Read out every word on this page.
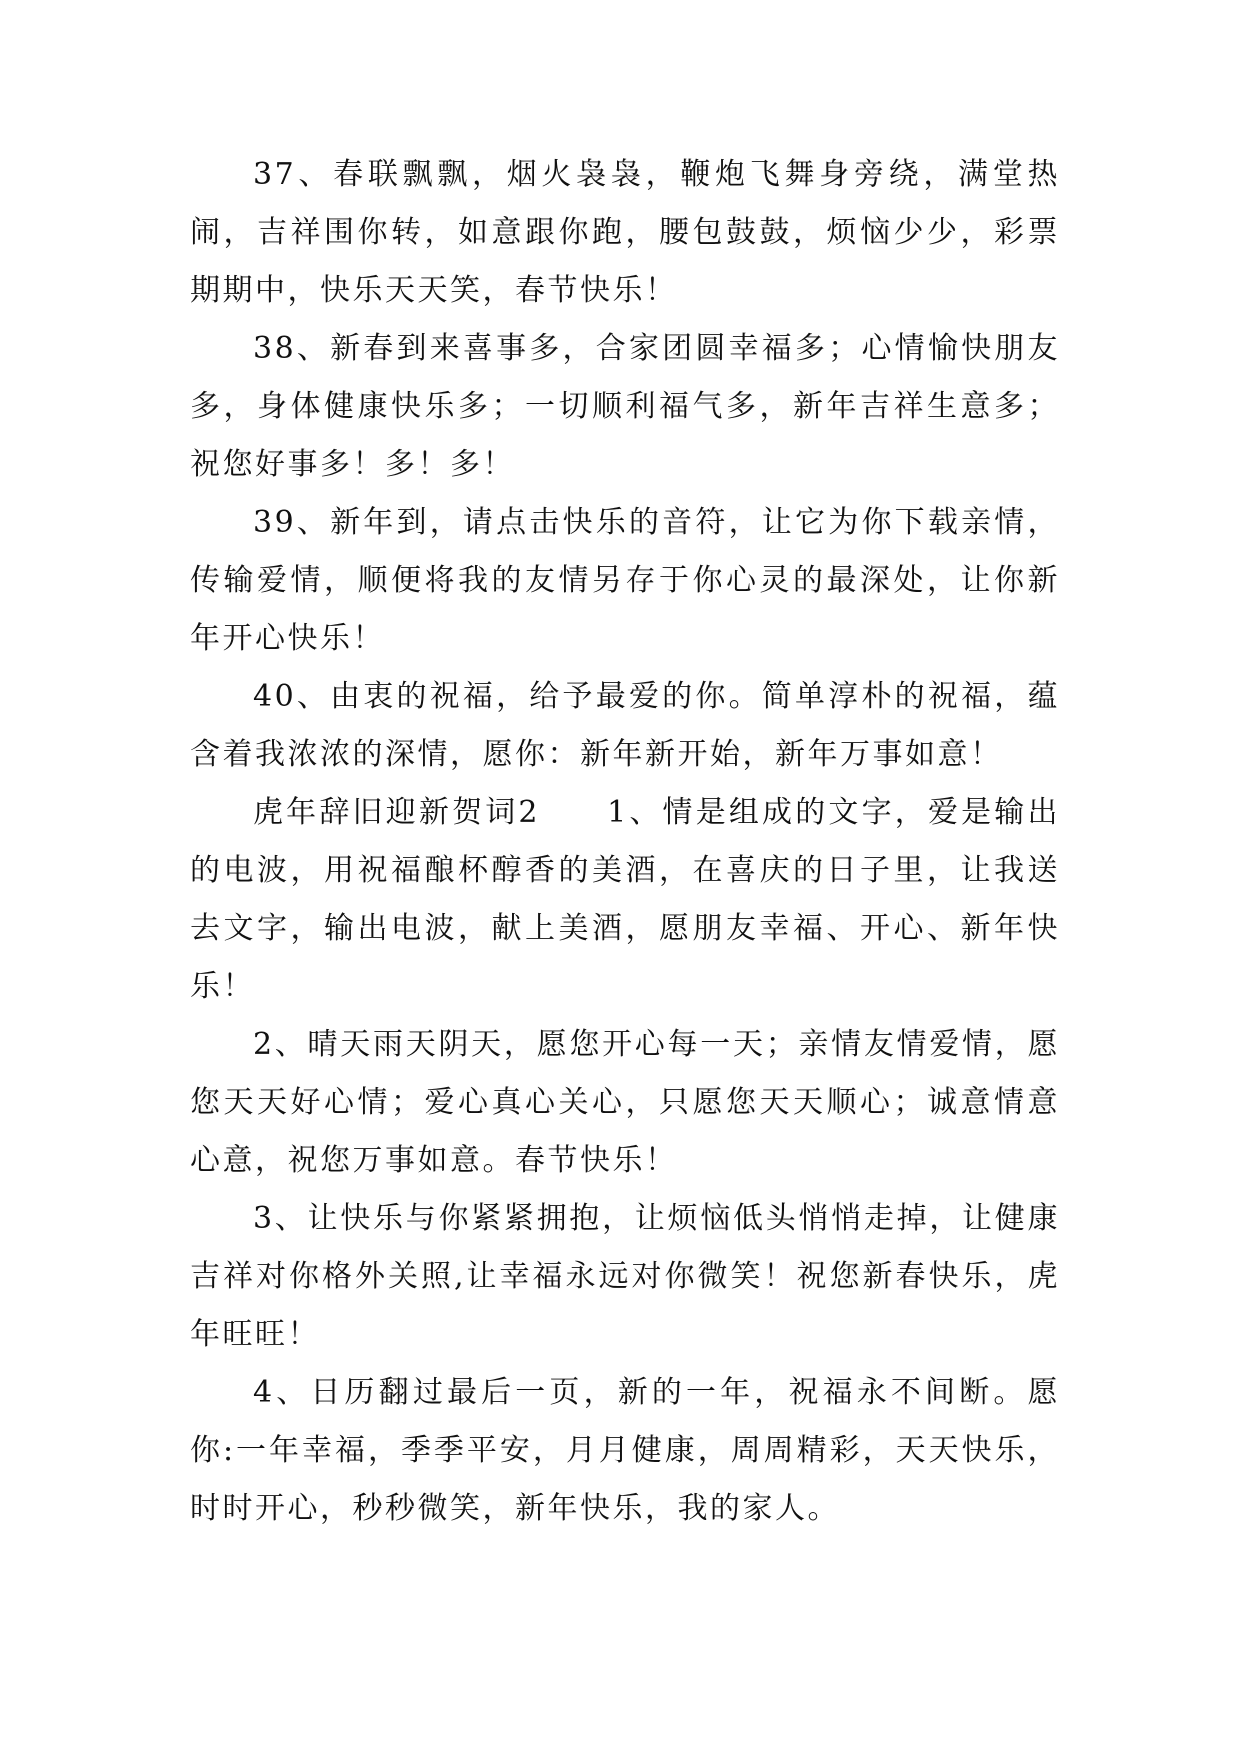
37、春联飘飘，烟火袅袅，鞭炮飞舞身旁绕，满堂热闹，吉祥围你转，如意跟你跑，腰包鼓鼓，烦恼少少，彩票期期中，快乐天天笑，春节快乐！

38、新春到来喜事多，合家团圆幸福多；心情愉快朋友多，身体健康快乐多；一切顺利福气多，新年吉祥生意多；祝您好事多！多！多！

39、新年到，请点击快乐的音符，让它为你下载亲情，传输爱情，顺便将我的友情另存于你心灵的最深处，让你新年开心快乐！

40、由衷的祝福，给予最爱的你。简单淳朴的祝福，蕴含着我浓浓的深情，愿你：新年新开始，新年万事如意！

虎年辞旧迎新贺词2　　1、情是组成的文字，爱是输出的电波，用祝福酿杯醇香的美酒，在喜庆的日子里，让我送去文字，输出电波，献上美酒，愿朋友幸福、开心、新年快乐！

2、晴天雨天阴天，愿您开心每一天；亲情友情爱情，愿您天天好心情；爱心真心关心，只愿您天天顺心；诚意情意心意，祝您万事如意。春节快乐！

3、让快乐与你紧紧拥抱，让烦恼低头悄悄走掉，让健康吉祥对你格外关照,让幸福永远对你微笑！祝您新春快乐，虎年旺旺！

4、日历翻过最后一页，新的一年，祝福永不间断。愿你:一年幸福，季季平安，月月健康，周周精彩，天天快乐，时时开心，秒秒微笑，新年快乐，我的家人。
